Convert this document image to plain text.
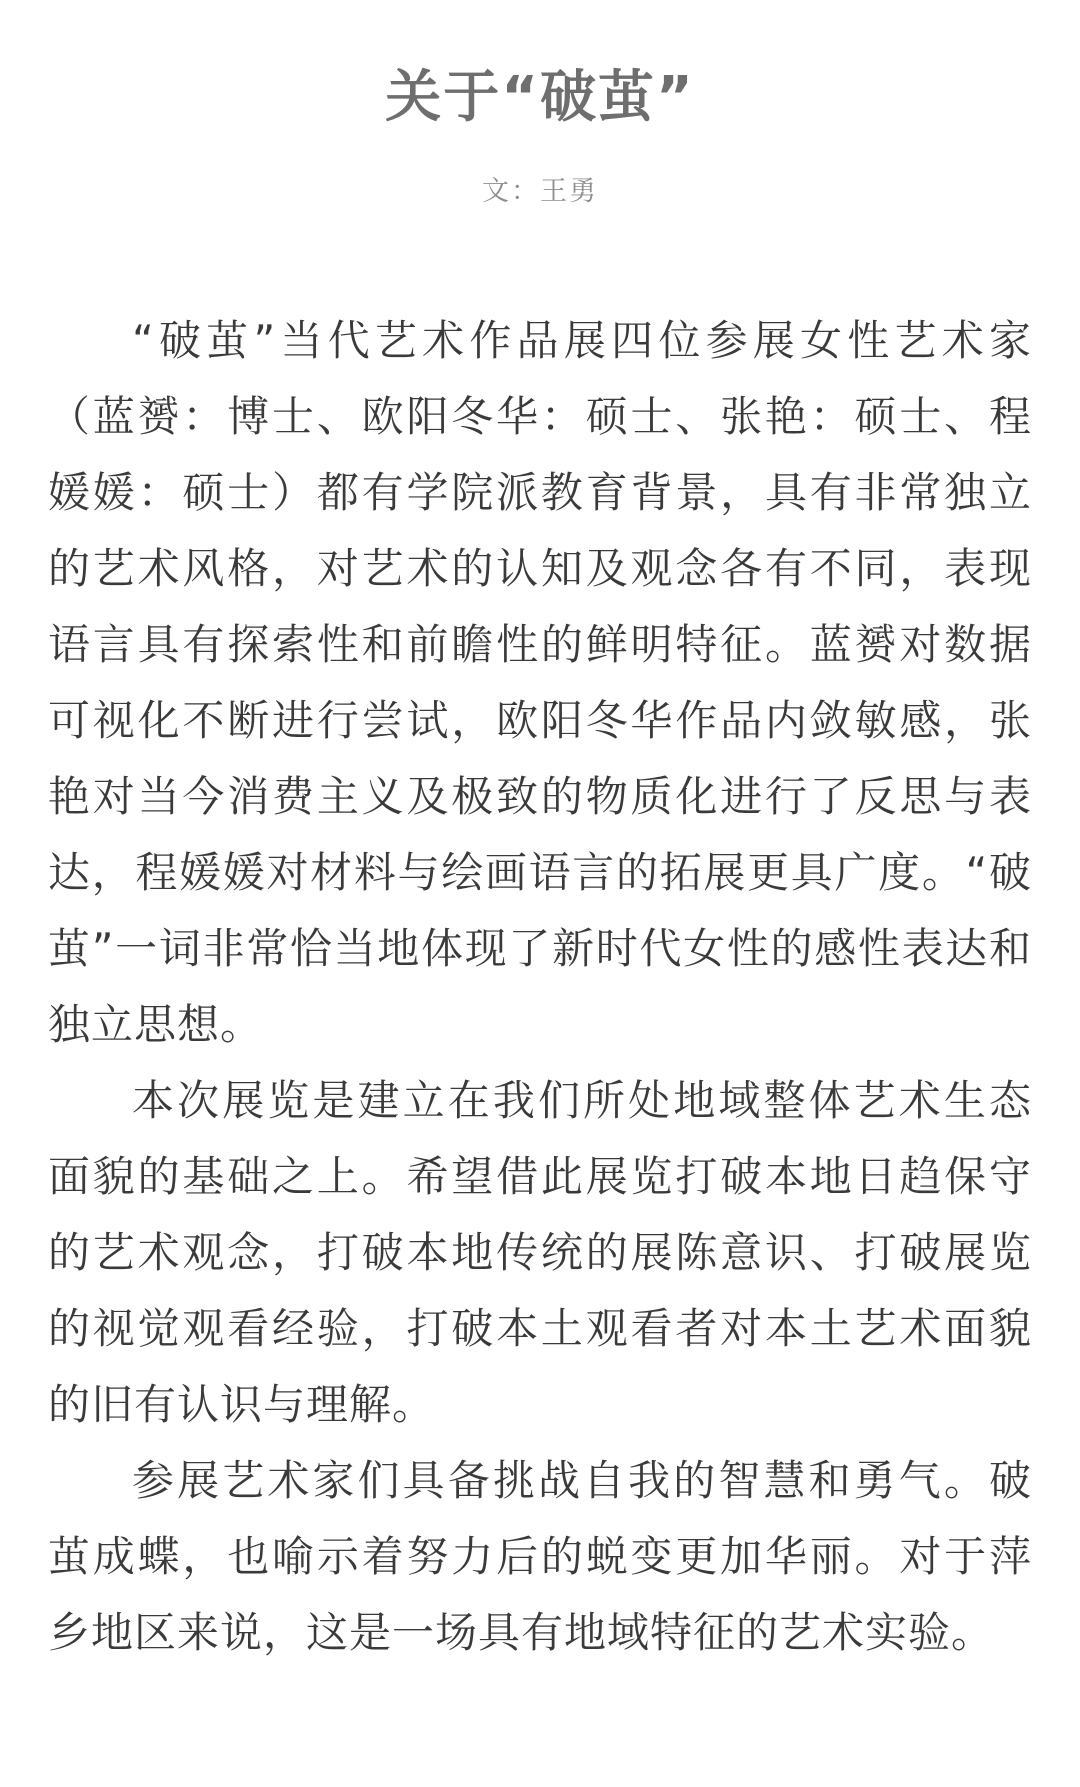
关于“破茧”
文：王勇

“破茧”当代艺术作品展四位参展女性艺术家（蓝赟：博士、欧阳冬华：硕士、张艳：硕士、程媛媛：硕士）都有学院派教育背景，具有非常独立的艺术风格，对艺术的认知及观念各有不同，表现语言具有探索性和前瞻性的鲜明特征。蓝赟对数据可视化不断进行尝试，欧阳冬华作品内敛敏感，张艳对当今消费主义及极致的物质化进行了反思与表达，程媛媛对材料与绘画语言的拓展更具广度。“破茧”一词非常恰当地体现了新时代女性的感性表达和独立思想。

本次展览是建立在我们所处地域整体艺术生态面貌的基础之上。希望借此展览打破本地日趋保守的艺术观念，打破本地传统的展陈意识、打破展览的视觉观看经验，打破本土观看者对本土艺术面貌的旧有认识与理解。

参展艺术家们具备挑战自我的智慧和勇气。破茧成蝶，也喻示着努力后的蜕变更加华丽。对于萍乡地区来说，这是一场具有地域特征的艺术实验。
